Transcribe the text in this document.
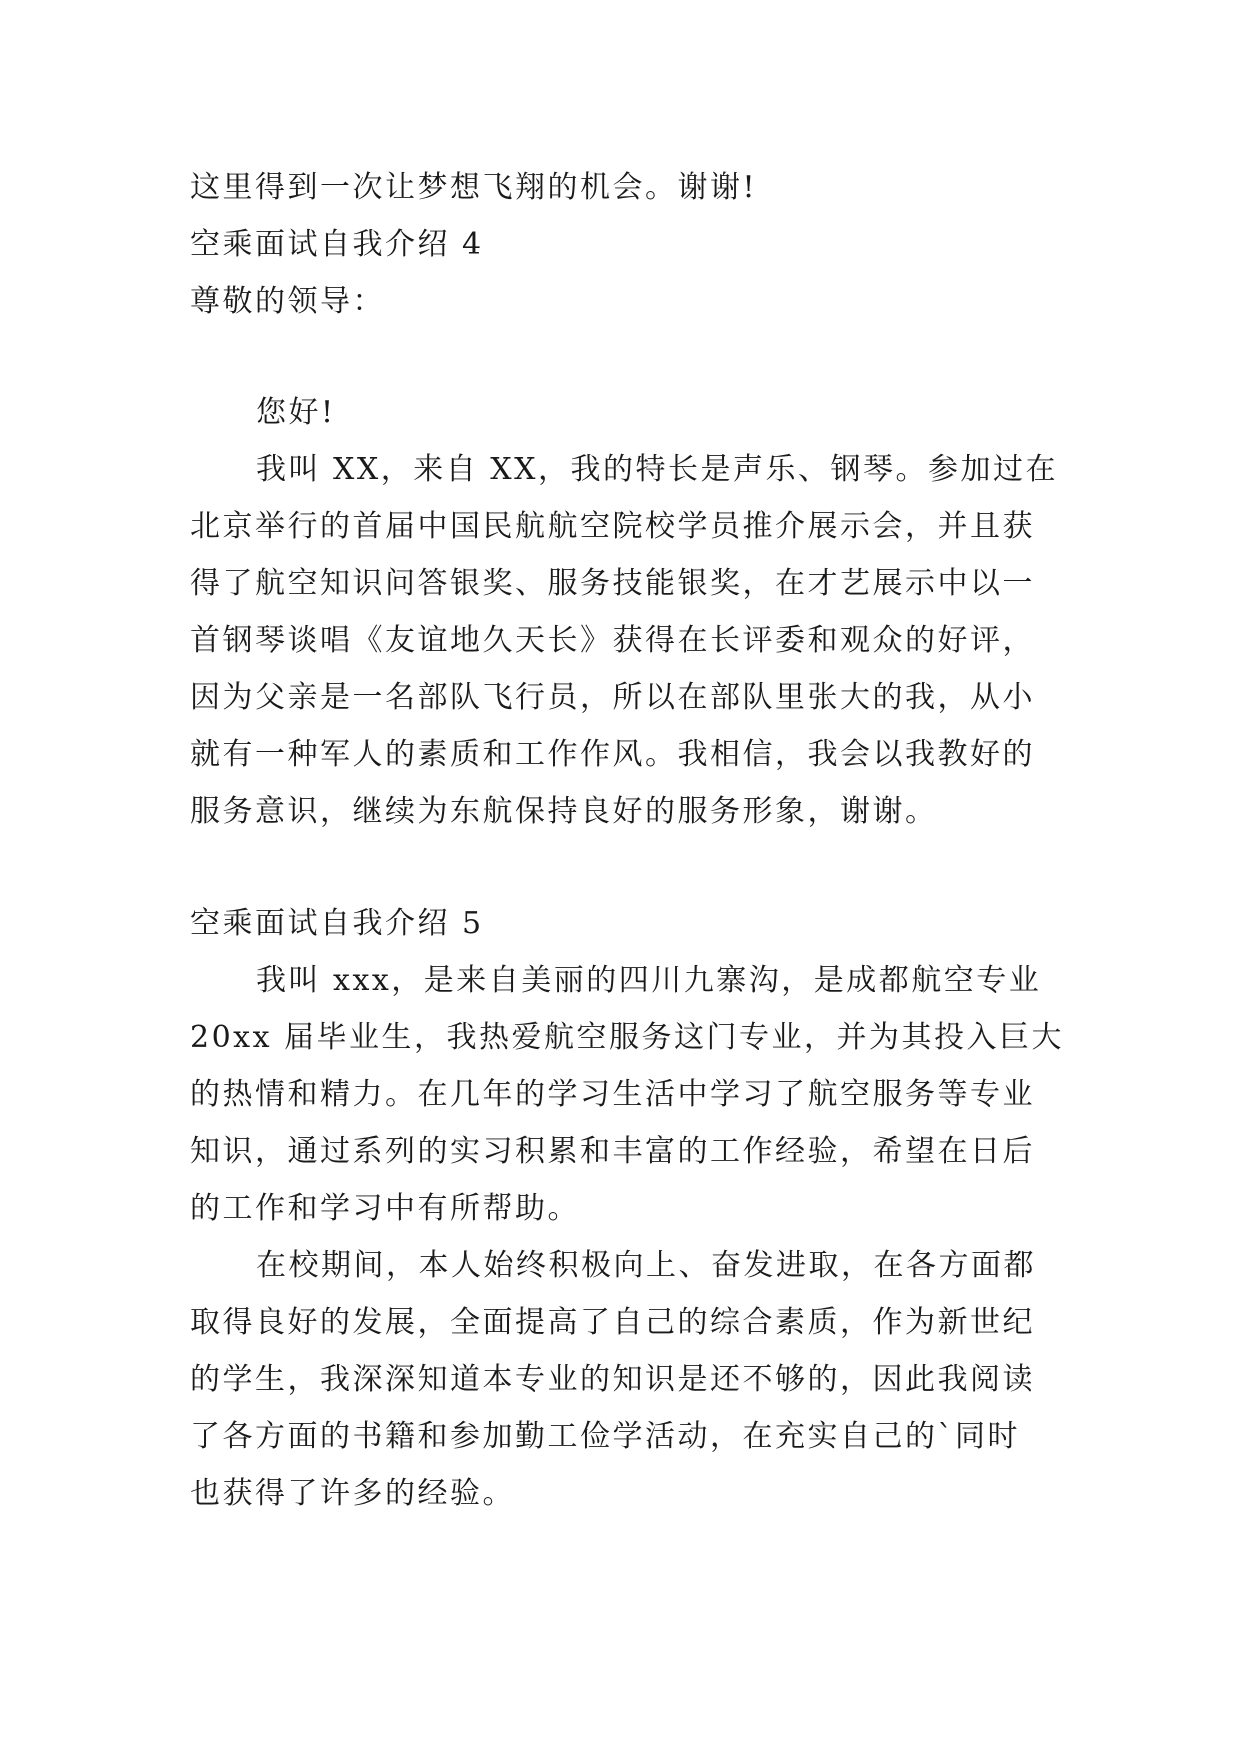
这里得到一次让梦想飞翔的机会。谢谢!
空乘面试自我介绍 4
尊敬的领导：
您好!
我叫 XX，来自 XX，我的特长是声乐、钢琴。参加过在
北京举行的首届中国民航航空院校学员推介展示会，并且获
得了航空知识问答银奖、服务技能银奖，在才艺展示中以一
首钢琴谈唱《友谊地久天长》获得在长评委和观众的好评，
因为父亲是一名部队飞行员，所以在部队里张大的我，从小
就有一种军人的素质和工作作风。我相信，我会以我教好的
服务意识，继续为东航保持良好的服务形象，谢谢。
空乘面试自我介绍 5
我叫 xxx，是来自美丽的四川九寨沟，是成都航空专业
20xx 届毕业生，我热爱航空服务这门专业，并为其投入巨大
的热情和精力。在几年的学习生活中学习了航空服务等专业
知识，通过系列的实习积累和丰富的工作经验，希望在日后
的工作和学习中有所帮助。
在校期间，本人始终积极向上、奋发进取，在各方面都
取得良好的发展，全面提高了自己的综合素质，作为新世纪
的学生，我深深知道本专业的知识是还不够的，因此我阅读
了各方面的书籍和参加勤工俭学活动，在充实自己的`同时
也获得了许多的经验。
